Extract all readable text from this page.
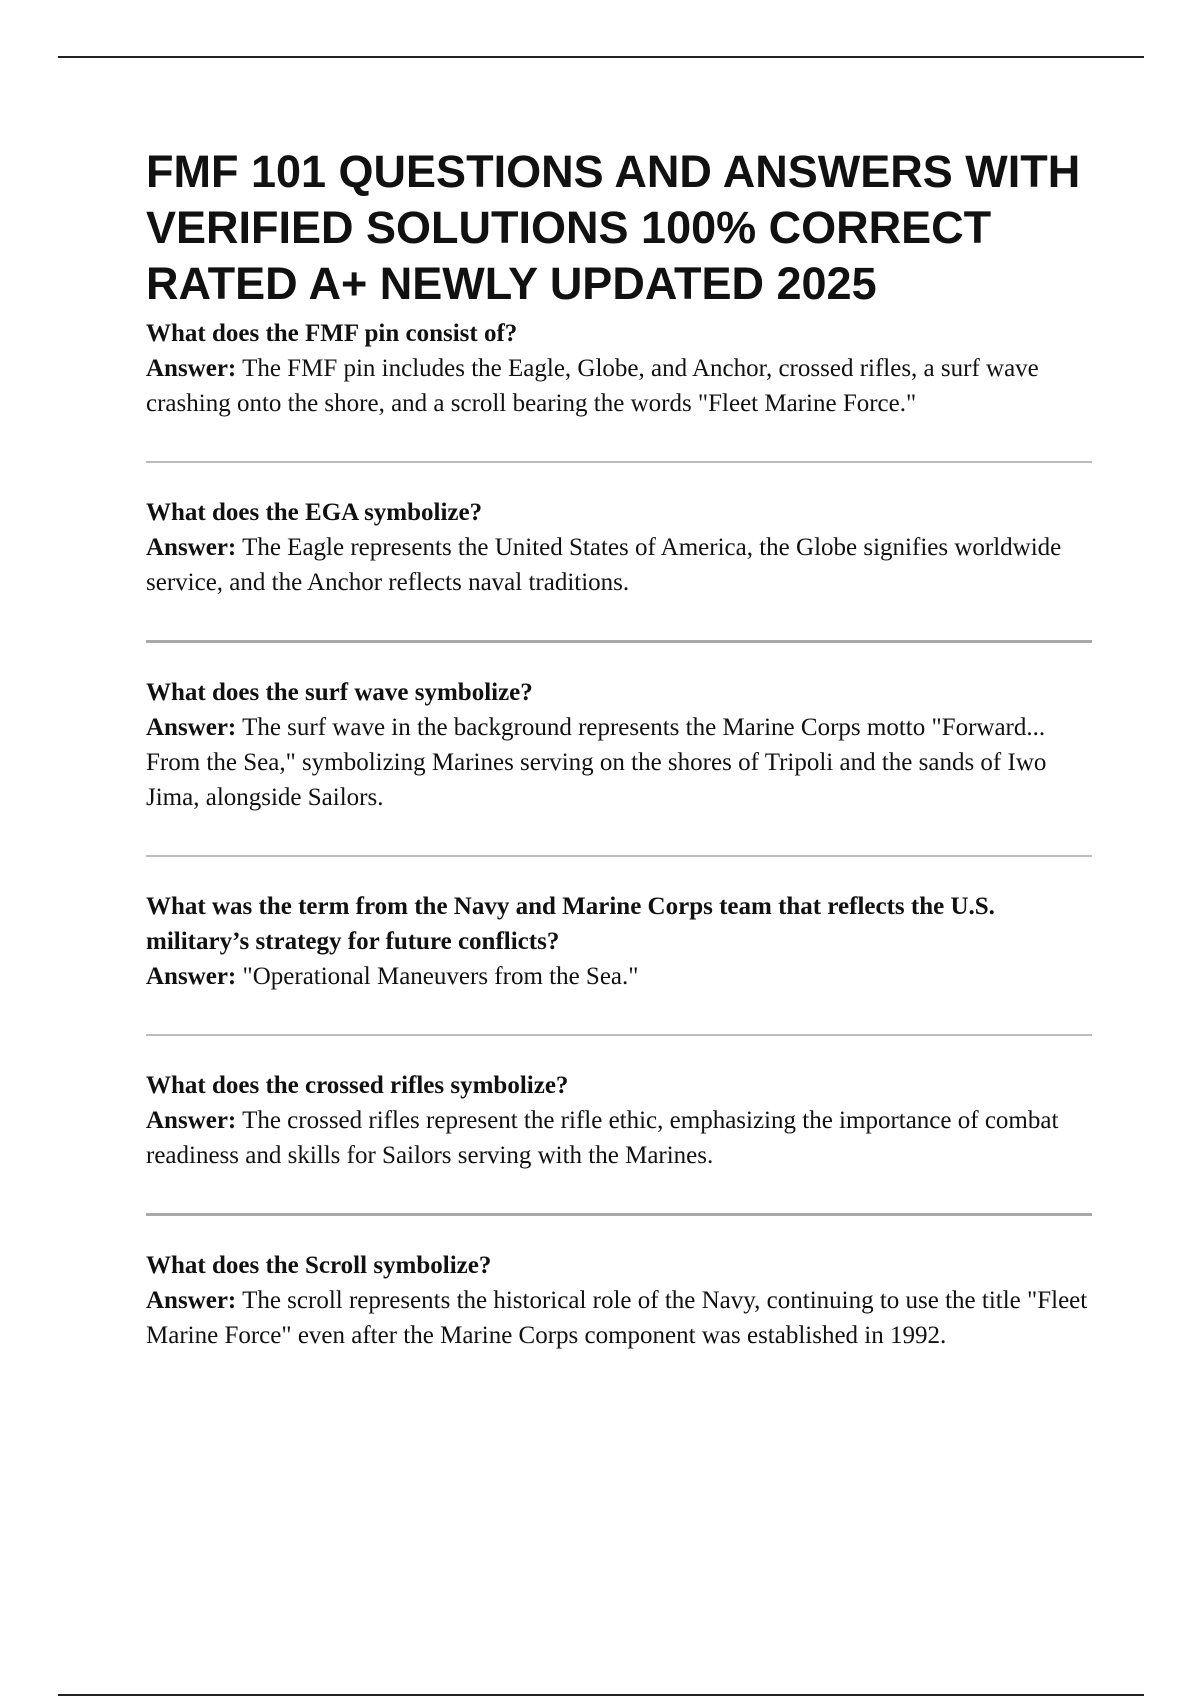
FMF 101 QUESTIONS AND ANSWERS WITH VERIFIED SOLUTIONS 100% CORRECT RATED A+ NEWLY UPDATED 2025

What does the FMF pin consist of?

Answer: The FMF pin includes the Eagle, Globe, and Anchor, crossed rifles, a surf wave crashing onto the shore, and a scroll bearing the words "Fleet Marine Force."

What does the EGA symbolize?

Answer: The Eagle represents the United States of America, the Globe signifies worldwide service, and the Anchor reflects naval traditions.

What does the surf wave symbolize?

Answer: The surf wave in the background represents the Marine Corps motto "Forward... From the Sea," symbolizing Marines serving on the shores of Tripoli and the sands of Iwo Jima, alongside Sailors.

What was the term from the Navy and Marine Corps team that reflects the U.S. military’s strategy for future conflicts?

Answer: "Operational Maneuvers from the Sea."

What does the crossed rifles symbolize?

Answer: The crossed rifles represent the rifle ethic, emphasizing the importance of combat readiness and skills for Sailors serving with the Marines.

What does the Scroll symbolize?

Answer: The scroll represents the historical role of the Navy, continuing to use the title "Fleet Marine Force" even after the Marine Corps component was established in 1992.
